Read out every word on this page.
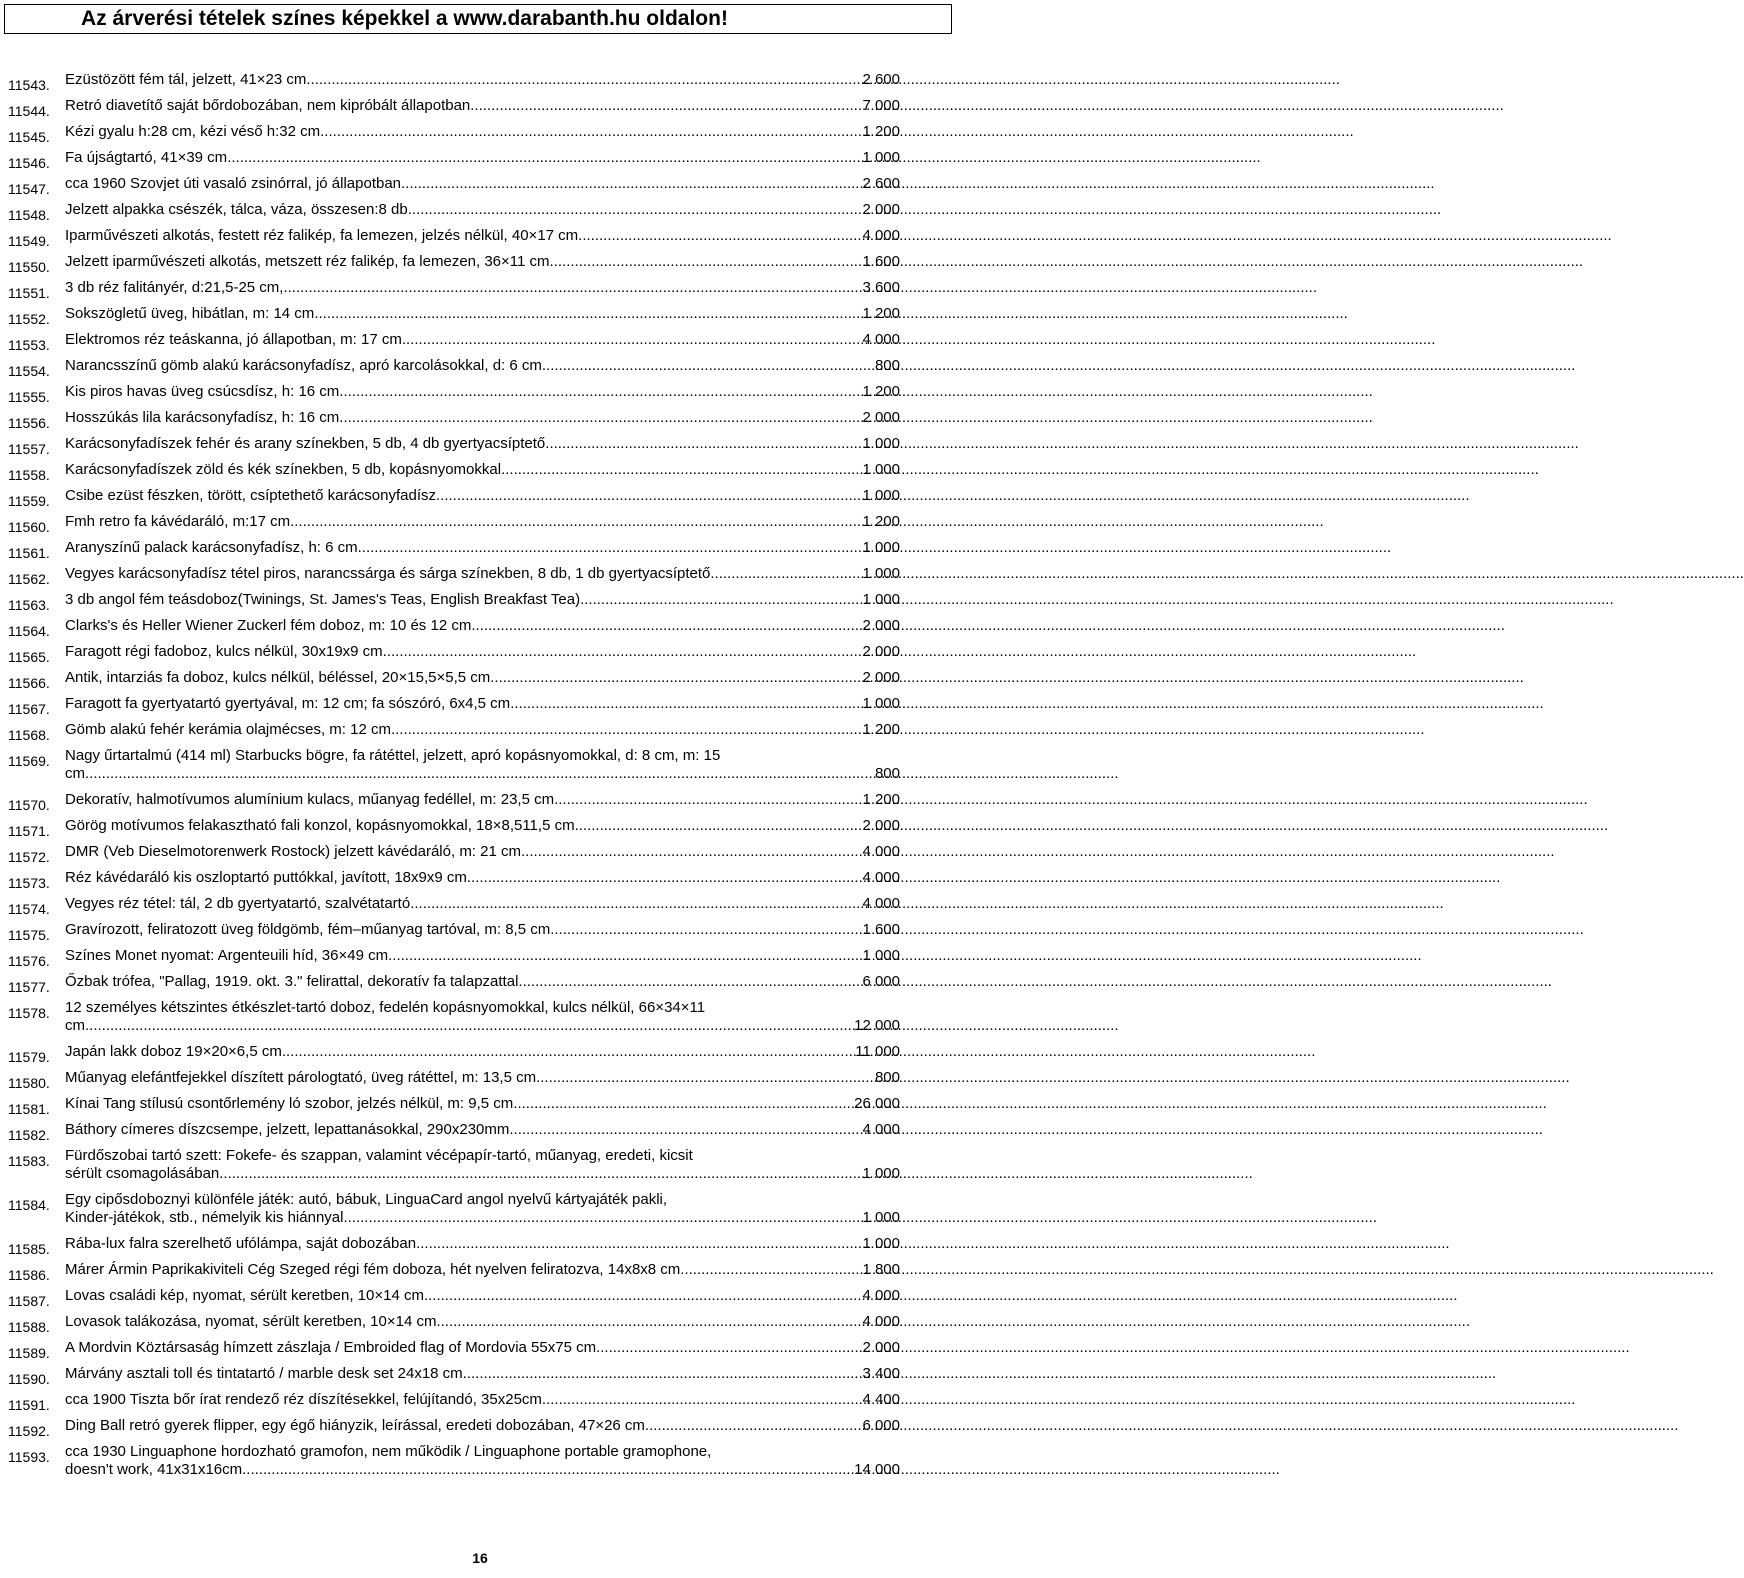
Az árverési tételek színes képekkel a www.darabanth.hu oldalon!
11543.	Ezüstözött fém tál, jelzett, 41×23 cm .....	2 600
11544.	Retró diavetítő saját bőrdobozában, nem kipróbált állapotban .....	7 000
11545.	Kézi gyalu h:28 cm, kézi véső h:32 cm .....	1 200
11546.	Fa újságtartó, 41×39 cm .....	1 000
11547.	cca 1960 Szovjet úti vasaló zsinórral, jó állapotban .....	2 600
11548.	Jelzett alpakka csészék, tálca, váza, összesen:8 db .....	2 000
11549.	Iparművészeti alkotás, festett réz falikép, fa lemezen, jelzés nélkül, 40×17 cm .....	4 000
11550.	Jelzett iparművészeti alkotás, metszett réz falikép, fa lemezen, 36×11 cm .....	1 600
11551.	3 db réz falitányér, d:21,5-25 cm, .....	3 600
11552.	Sokszögletű üveg, hibátlan, m: 14 cm .....	1 200
11553.	Elektromos réz teáskanna, jó állapotban, m: 17 cm .....	4 000
11554.	Narancsszínű gömb alakú karácsonyfadísz, apró karcolásokkal, d: 6 cm .....	800
11555.	Kis piros havas üveg csúcsdísz, h: 16 cm .....	1 200
11556.	Hosszúkás lila karácsonyfadísz, h: 16 cm .....	2 000
11557.	Karácsonyfadíszek fehér és arany színekben, 5 db, 4 db gyertyacsíptető .....	1 000
11558.	Karácsonyfadíszek zöld és kék színekben, 5 db, kopásnyomokkal. .....	1 000
11559.	Csibe ezüst fészken, törött, csíptethető karácsonyfadísz .....	1 000
11560.	Fmh retro fa kávédaráló, m:17 cm .....	1 200
11561.	Aranyszínű palack karácsonyfadísz, h: 6 cm .....	1 000
11562.	Vegyes karácsonyfadísz tétel piros, narancssárga és sárga színekben, 8 db, 1 db gyertyacsíptető .....	1 000
11563.	3 db angol fém teásdoboz(Twinings, St. James's Teas, English Breakfast Tea) .....	1 000
11564.	Clarks's és Heller Wiener Zuckerl fém doboz, m: 10 és 12 cm .....	2 000
11565.	Faragott régi fadoboz, kulcs nélkül, 30x19x9 cm .....	2 000
11566.	Antik, intarziás fa doboz, kulcs nélkül, béléssel, 20×15,5×5,5 cm .....	2 000
11567.	Faragott fa gyertyatartó gyertyával, m: 12 cm; fa sószóró, 6x4,5 cm .....	1 000
11568.	Gömb alakú fehér kerámia olajmécses, m: 12 cm .....	1 200
11569.	Nagy űrtartalmú (414 ml) Starbucks bögre, fa rátéttel, jelzett, apró kopásnyomokkal, d: 8 cm, m: 15
cm .....	800
11570.	Dekoratív, halmotívumos alumínium kulacs, műanyag fedéllel, m: 23,5 cm .....	1 200
11571.	Görög motívumos felakasztható fali konzol, kopásnyomokkal, 18×8,511,5 cm .....	2 000
11572.	DMR (Veb Dieselmotorenwerk Rostock) jelzett kávédaráló, m: 21 cm .....	4 000
11573.	Réz kávédaráló kis oszloptartó puttókkal, javított, 18x9x9 cm .....	4 000
11574.	Vegyes réz tétel: tál, 2 db gyertyatartó, szalvétatartó .....	4 000
11575.	Gravírozott, feliratozott üveg földgömb, fém–műanyag tartóval, m: 8,5 cm .....	1 600
11576.	Színes Monet nyomat: Argenteuili híd, 36×49 cm .....	1 000
11577.	Őzbak trófea, "Pallag, 1919. okt. 3." felirattal, dekoratív fa talapzattal .....	6 000
11578.	12 személyes kétszintes étkészlet-tartó doboz, fedelén kopásnyomokkal, kulcs nélkül, 66×34×11
cm .....	12 000
11579.	Japán lakk doboz 19×20×6,5 cm .....	11 000
11580.	Műanyag elefántfejekkel díszített párologtató, üveg rátéttel, m: 13,5 cm .....	800
11581.	Kínai Tang stílusú csontőrlemény ló szobor, jelzés nélkül, m: 9,5 cm .....	26 000
11582.	Báthory címeres díszcsempe, jelzett, lepattanásokkal, 290x230mm .....	4 000
11583.	Fürdőszobai tartó szett: Fokefe- és szappan, valamint vécépapír-tartó, műanyag, eredeti, kicsit
sérült csomagolásában .....	1 000
11584.	Egy cipősdoboznyi különféle játék: autó, bábuk, LinguaCard angol nyelvű kártyajáték pakli,
Kinder-játékok, stb., némelyik kis hiánnyal .....	1 000
11585.	Rába-lux falra szerelhető ufólámpa, saját dobozában .....	1 000
11586.	Márer Ármin Paprikakiviteli Cég Szeged régi fém doboza, hét nyelven feliratozva, 14x8x8 cm .....	1 800
11587.	Lovas családi kép, nyomat, sérült keretben, 10×14 cm .....	4 000
11588.	Lovasok talákozása, nyomat, sérült keretben, 10×14 cm .....	4 000
11589.	A Mordvin Köztársaság hímzett zászlaja / Embroided flag of Mordovia 55x75 cm .....	2 000
11590.	Márvány asztali toll és tintatartó / marble desk set 24x18 cm .....	3 400
11591.	cca 1900 Tiszta bőr írat rendező réz díszítésekkel, felújítandó, 35x25cm .....	4 400
11592.	Ding Ball retró gyerek flipper, egy égő hiányzik, leírással, eredeti dobozában, 47×26 cm .....	6 000
11593.	cca 1930 Linguaphone hordozható gramofon, nem működik / Linguaphone portable gramophone,
doesn't work, 41x31x16cm. .....	14 000
16
